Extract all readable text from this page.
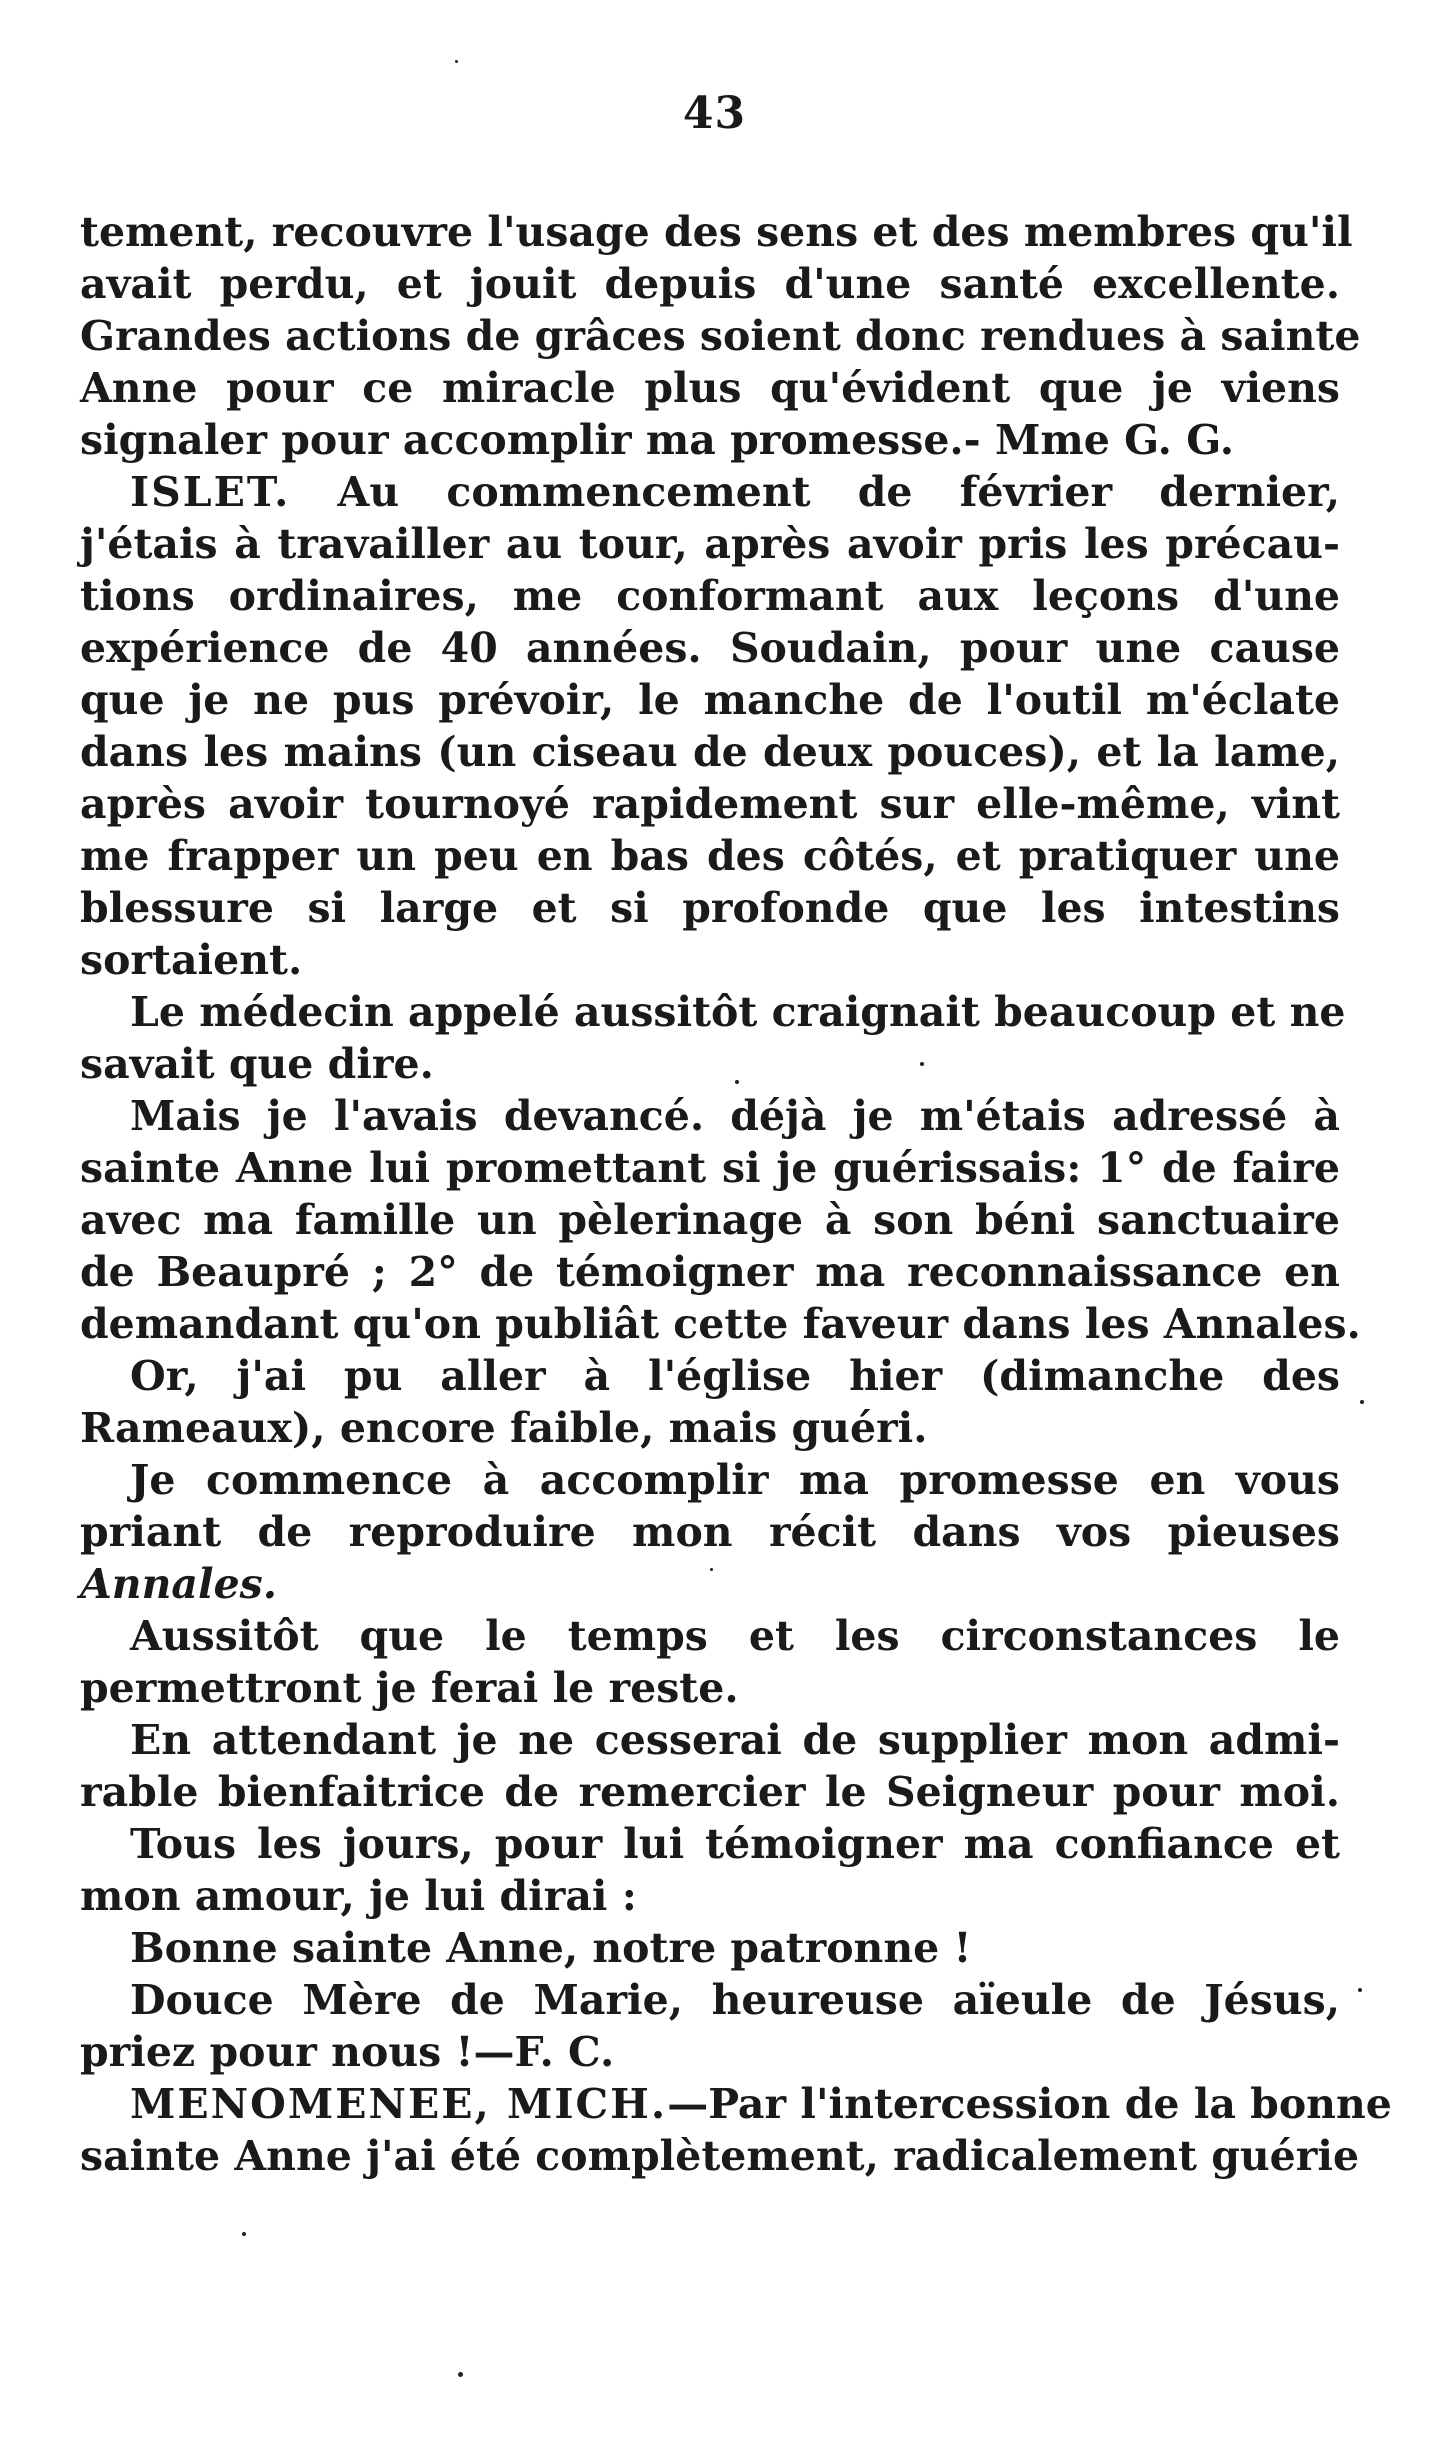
43
tement, recouvre l'usage des sens et des membres qu'il
avait perdu, et jouit depuis d'une santé excellente.
Grandes actions de grâces soient donc rendues à sainte
Anne pour ce miracle plus qu'évident que je viens
signaler pour accomplir ma promesse.- Mme G. G.
ISLET. Au commencement de février dernier,
j'étais à travailler au tour, après avoir pris les précau-
tions ordinaires, me conformant aux leçons d'une
expérience de 40 années. Soudain, pour une cause
que je ne pus prévoir, le manche de l'outil m'éclate
dans les mains (un ciseau de deux pouces), et la lame,
après avoir tournoyé rapidement sur elle-même, vint
me frapper un peu en bas des côtés, et pratiquer une
blessure si large et si profonde que les intestins
sortaient.
Le médecin appelé aussitôt craignait beaucoup et ne
savait que dire.
Mais je l'avais devancé. déjà je m'étais adressé à
sainte Anne lui promettant si je guérissais: 1° de faire
avec ma famille un pèlerinage à son béni sanctuaire
de Beaupré ; 2° de témoigner ma reconnaissance en
demandant qu'on publiât cette faveur dans les Annales.
Or, j'ai pu aller à l'église hier (dimanche des
Rameaux), encore faible, mais guéri.
Je commence à accomplir ma promesse en vous
priant de reproduire mon récit dans vos pieuses
Annales.
Aussitôt que le temps et les circonstances le
permettront je ferai le reste.
En attendant je ne cesserai de supplier mon admi-
rable bienfaitrice de remercier le Seigneur pour moi.
Tous les jours, pour lui témoigner ma confiance et
mon amour, je lui dirai :
Bonne sainte Anne, notre patronne !
Douce Mère de Marie, heureuse aïeule de Jésus,
priez pour nous !—F. C.
MENOMENEE, MICH.—Par l'intercession de la bonne
sainte Anne j'ai été complètement, radicalement guérie
